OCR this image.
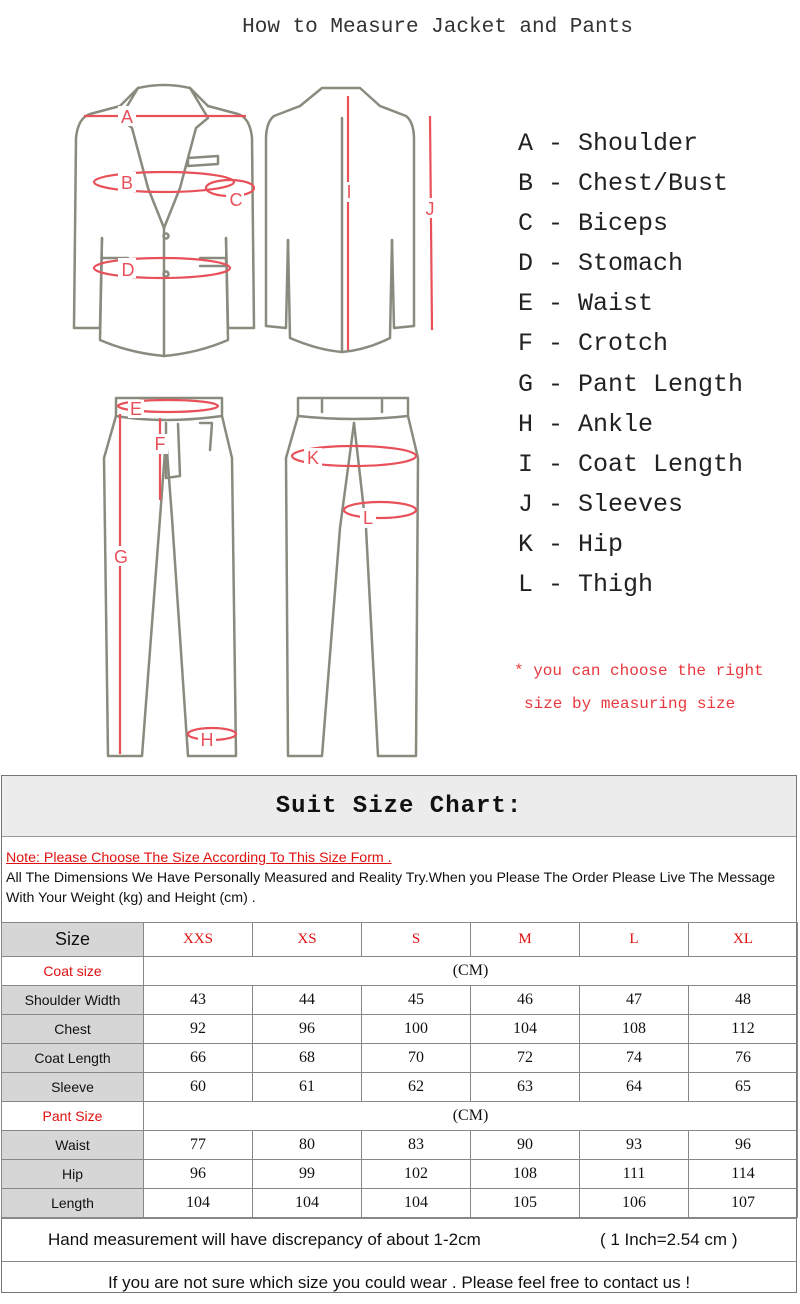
How to Measure Jacket and Pants
A
B
C
D
I
J
E
F
G
H
K
L
A - Shoulder
B - Chest/Bust
C - Biceps
D - Stomach
E - Waist
F - Crotch
G - Pant Length
H - Ankle
I - Coat Length
J - Sleeves
K - Hip
L - Thigh
* you can choose the right
size by measuring size
Suit Size Chart:
Note: Please Choose The Size According To This Size Form .
All The Dimensions We Have Personally Measured and Reality Try.When you Please The Order Please Live The Message With Your Weight (kg) and Height (cm) .
Size	XXS	XS	S	M	L	XL
Coat size	(CM)					
Shoulder Width	43	44	45	46	47	48
Chest	92	96	100	104	108	112
Coat Length	66	68	70	72	74	76
Sleeve	60	61	62	63	64	65
Pant Size	(CM)					
Waist	77	80	83	90	93	96
Hip	96	99	102	108	111	114
Length	104	104	104	105	106	107
Hand measurement will have discrepancy of about 1-2cm	( 1 Inch=2.54 cm )
If you are not sure which size you could wear . Please feel free to contact us !
